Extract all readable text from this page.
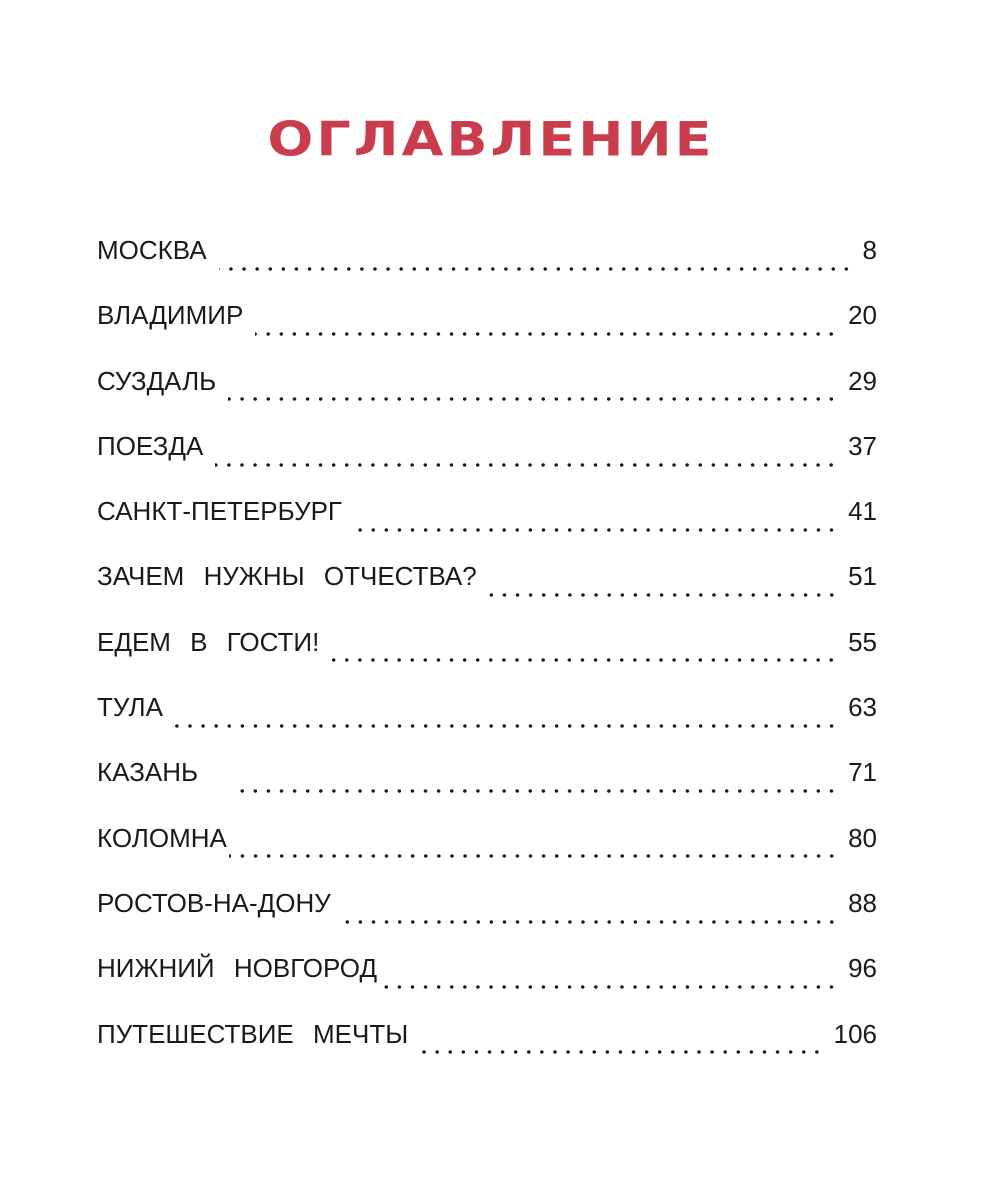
ОГЛАВЛЕНИЕ
МОСКВА	8
ВЛАДИМИР	20
СУЗДАЛЬ	29
ПОЕЗДА	37
САНКТ-ПЕТЕРБУРГ	41
ЗАЧЕМ НУЖНЫ ОТЧЕСТВА?	51
ЕДЕМ В ГОСТИ!	55
ТУЛА	63
КАЗАНЬ	71
КОЛОМНА	80
РОСТОВ-НА-ДОНУ	88
НИЖНИЙ НОВГОРОД	96
ПУТЕШЕСТВИЕ МЕЧТЫ	106
